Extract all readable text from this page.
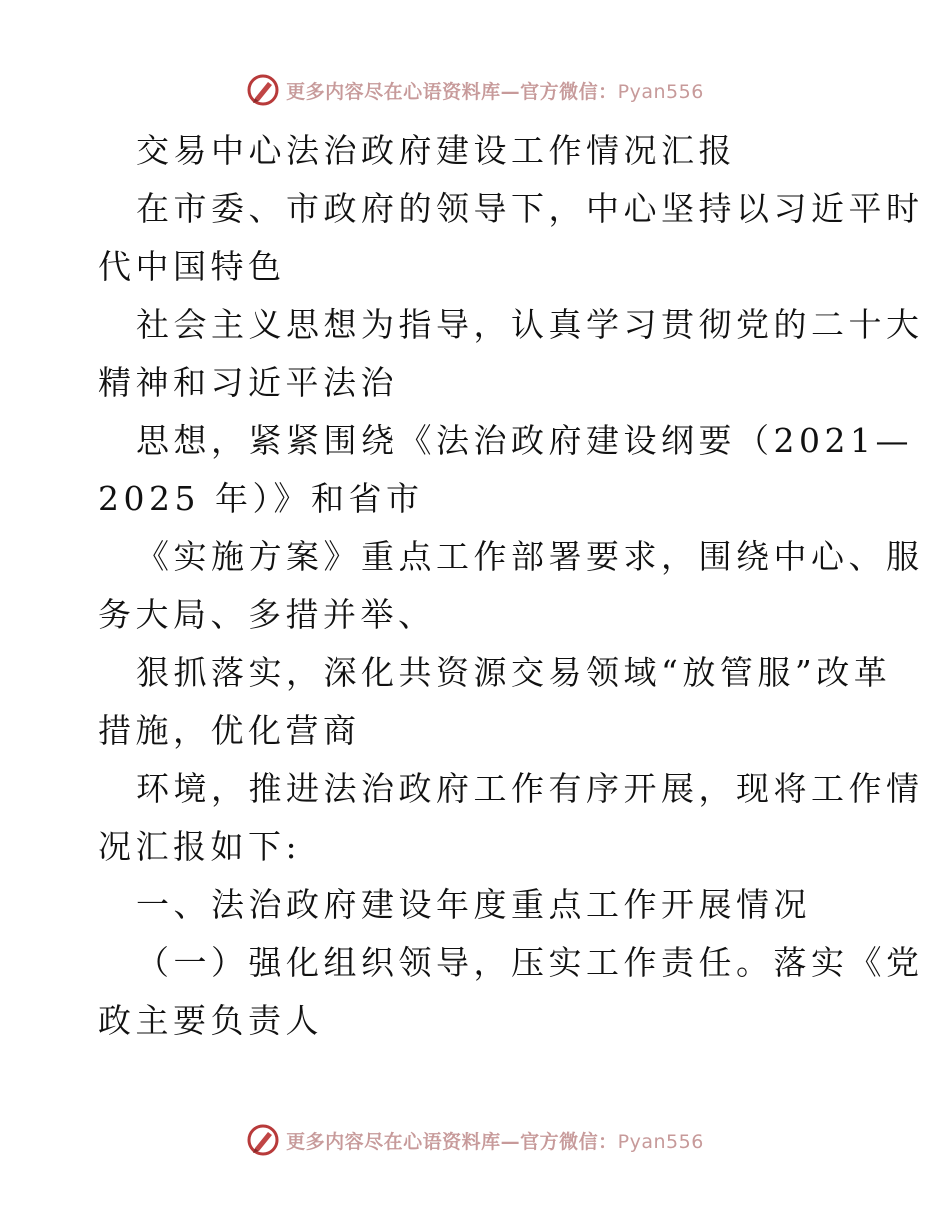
更多内容尽在心语资料库—官方微信：Pyan556
交易中心法治政府建设工作情况汇报
在市委、市政府的领导下，中心坚持以习近平时
代中国特色
社会主义思想为指导，认真学习贯彻党的二十大
精神和习近平法治
思想，紧紧围绕《法治政府建设纲要（2021—
2025 年）》和省市
《实施方案》重点工作部署要求，围绕中心、服
务大局、多措并举、
狠抓落实，深化共资源交易领域“放管服”改革
措施，优化营商
环境，推进法治政府工作有序开展，现将工作情
况汇报如下:
一、法治政府建设年度重点工作开展情况
（一）强化组织领导，压实工作责任。落实《党
政主要负责人
更多内容尽在心语资料库—官方微信：Pyan556
